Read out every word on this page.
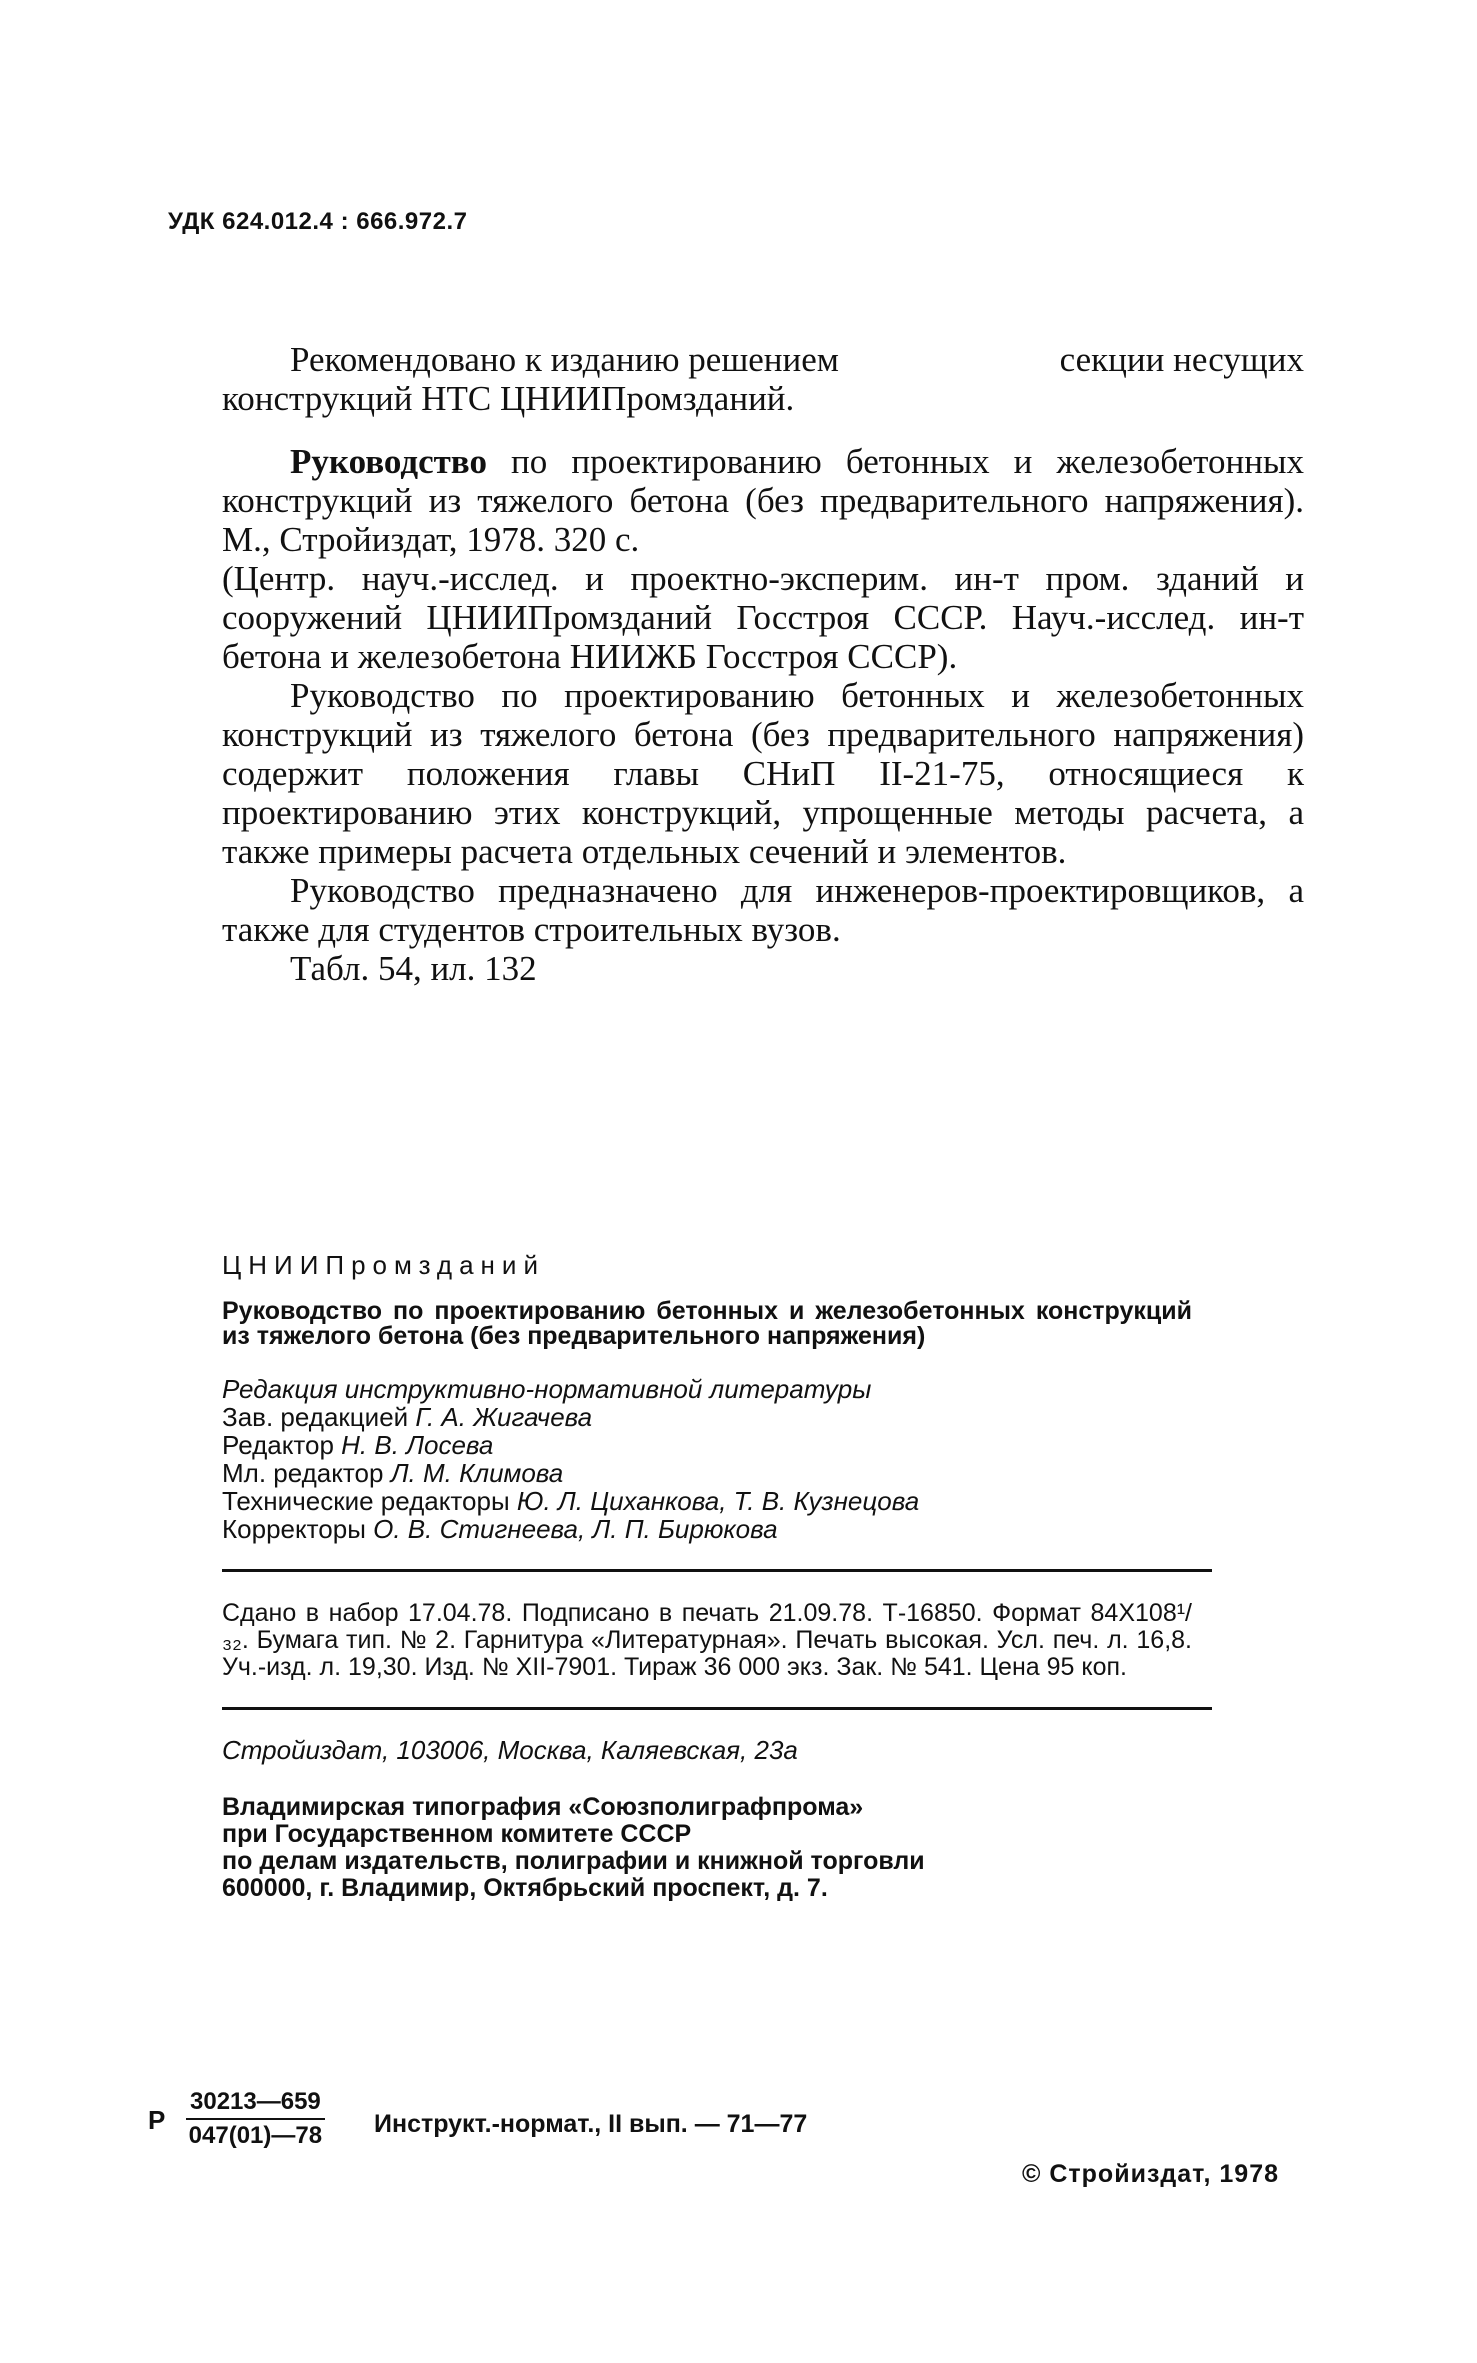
УДК 624.012.4 : 666.972.7
Рекомендовано к изданию решением	секции несущих

конструкций НТС ЦНИИПромзданий.

Руководство по проектированию бетонных и железобетонных конструкций из тяжелого бетона (без предварительного напряжения). М., Стройиздат, 1978. 320 с.

(Центр. науч.-исслед. и проектно-эксперим. ин-т пром. зданий и сооружений ЦНИИПромзданий Госстроя СССР. Науч.-исслед. ин-т бетона и железобетона НИИЖБ Госстроя СССР).

Руководство по проектированию бетонных и железобетонных конструкций из тяжелого бетона (без предварительного напряжения) содержит положения главы СНиП II-21-75, относящиеся к проектированию этих конструкций, упрощенные методы расчета, а также примеры расчета отдельных сечений и элементов.

Руководство предназначено для инженеров-проектировщиков, а также для студентов строительных вузов.

Табл. 54, ил. 132

ЦНИИПромзданий

Руководство по проектированию бетонных и железобетонных конструкций из тяжелого бетона (без предварительного напряжения)

Редакция инструктивно-нормативной литературы
Зав. редакцией Г. А. Жигачева
Редактор Н. В. Лосева
Мл. редактор Л. М. Климова
Технические редакторы Ю. Л. Циханкова, Т. В. Кузнецова
Корректоры О. В. Стигнеева, Л. П. Бирюкова

Сдано в набор 17.04.78. Подписано в печать 21.09.78. Т-16850. Формат 84X108¹/₃₂. Бумага тип. № 2. Гарнитура «Литературная». Печать высокая. Усл. печ. л. 16,8. Уч.-изд. л. 19,30. Изд. № XII-7901. Тираж 36 000 экз. Зак. № 541. Цена 95 коп.

Стройиздат, 103006, Москва, Каляевская, 23а
Владимирская типография «Союзполиграфпрома»
при Государственном комитете СССР
по делам издательств, полиграфии и книжной торговли
600000, г. Владимир, Октябрьский проспект, д. 7.
Р $\frac{30213—659}{047(01)—78}$ Инструкт.-нормат., II вып. — 71—77
© Стройиздат, 1978
